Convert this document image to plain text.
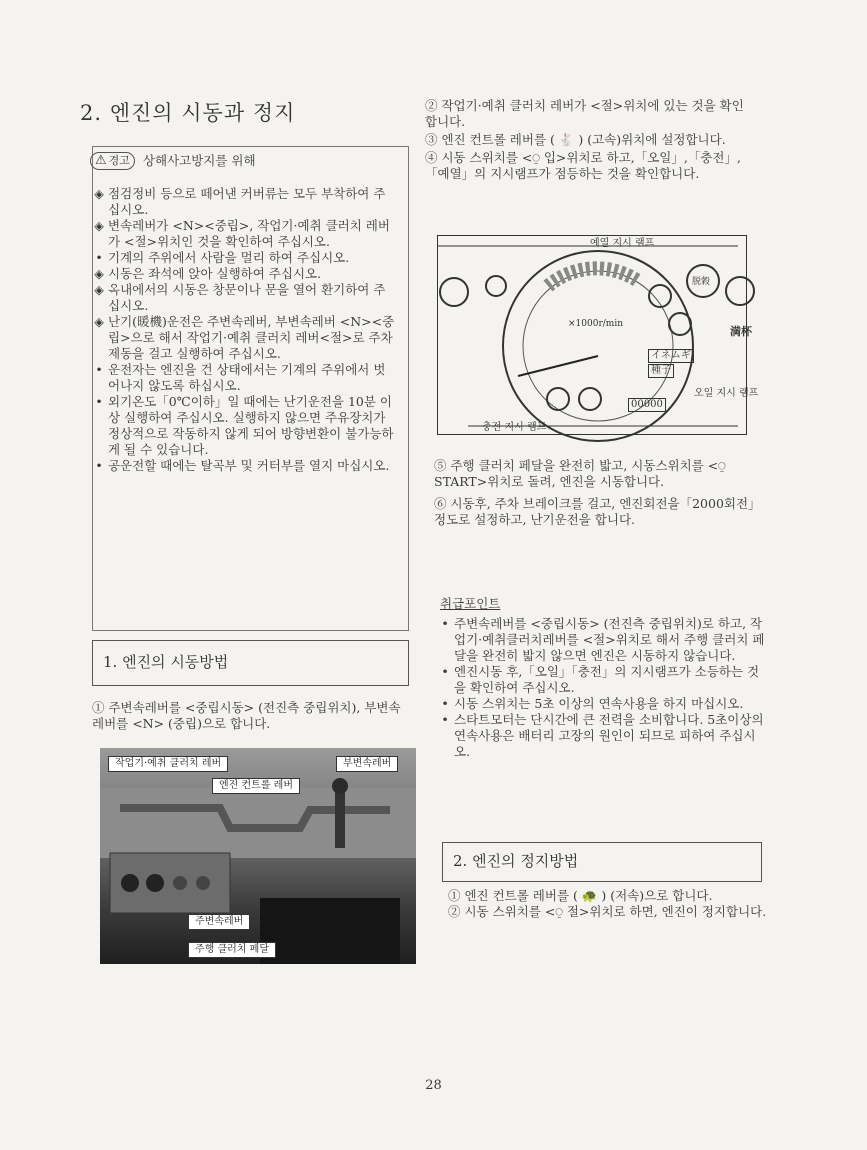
2. 엔진의 시동과 정지
⚠ 경고 상해사고방지를 위해
◈ 점검정비 등으로 떼어낸 커버류는 모두 부착하여 주십시오.
◈ 변속레버가 <N><중립>, 작업기·예취 클러치 레버가 <절>위치인 것을 확인하여 주십시오.
• 기계의 주위에서 사람을 멀리 하여 주십시오.
◈ 시동은 좌석에 앉아 실행하여 주십시오.
◈ 옥내에서의 시동은 창문이나 문을 열어 환기하여 주십시오.
◈ 난기(暖機)운전은 주변속레버, 부변속레버 <N><중립>으로 해서 작업기·예취 클러치 레버<절>로 주차제동을 걸고 실행하여 주십시오.
• 운전자는 엔진을 건 상태에서는 기계의 주위에서 벗어나지 않도록 하십시오.
• 외기온도「0℃이하」일 때에는 난기운전을 10분 이상 실행하여 주십시오. 실행하지 않으면 주유장치가 정상적으로 작동하지 않게 되어 방향변환이 불가능하게 될 수 있습니다.
• 공운전할 때에는 탈곡부 및 커터부를 열지 마십시오.
1. 엔진의 시동방법
① 주변속레버를 <중립시동> (전진측 중립위치), 부변속레버를 <N> (중립)으로 합니다.
작업기·예취 클러치 레버	부변속레버
엔진 컨트롤 레버
주변속레버
주행 클러치 페달
② 작업기·예취 클러치 레버가 <절>위치에 있는 것을 확인합니다.
③ 엔진 컨트롤 레버를 ( 🐇 ) (고속)위치에 설정합니다.
④ 시동 스위치를 <⍜ 입>위치로 하고,「오일」,「충전」,「예열」의 지시램프가 점등하는 것을 확인합니다.
예열 지시 램프
오일 지시 램프
충전 지시 램프
×1000r/min
00000
脱穀
満杯
イネムギ
種子
⑤ 주행 클러치 페달을 완전히 밟고, 시동스위치를 <⍜ START>위치로 돌려, 엔진을 시동합니다.
⑥ 시동후, 주차 브레이크를 걸고, 엔진회전을「2000회전」정도로 설정하고, 난기운전을 합니다.
취급포인트
• 주변속레버를 <중립시동> (전진측 중립위치)로 하고, 작업기·예취클러치레버를 <절>위치로 해서 주행 클러치 페달을 완전히 밟지 않으면 엔진은 시동하지 않습니다.
• 엔진시동 후,「오일」「충전」의 지시램프가 소등하는 것을 확인하여 주십시오.
• 시동 스위치는 5초 이상의 연속사용을 하지 마십시오.
• 스타트모터는 단시간에 큰 전력을 소비합니다. 5초이상의 연속사용은 배터리 고장의 원인이 되므로 피하여 주십시오.
2. 엔진의 정지방법
① 엔진 컨트롤 레버를 ( 🐢 ) (저속)으로 합니다.
② 시동 스위치를 <⍜ 절>위치로 하면, 엔진이 정지합니다.
28
